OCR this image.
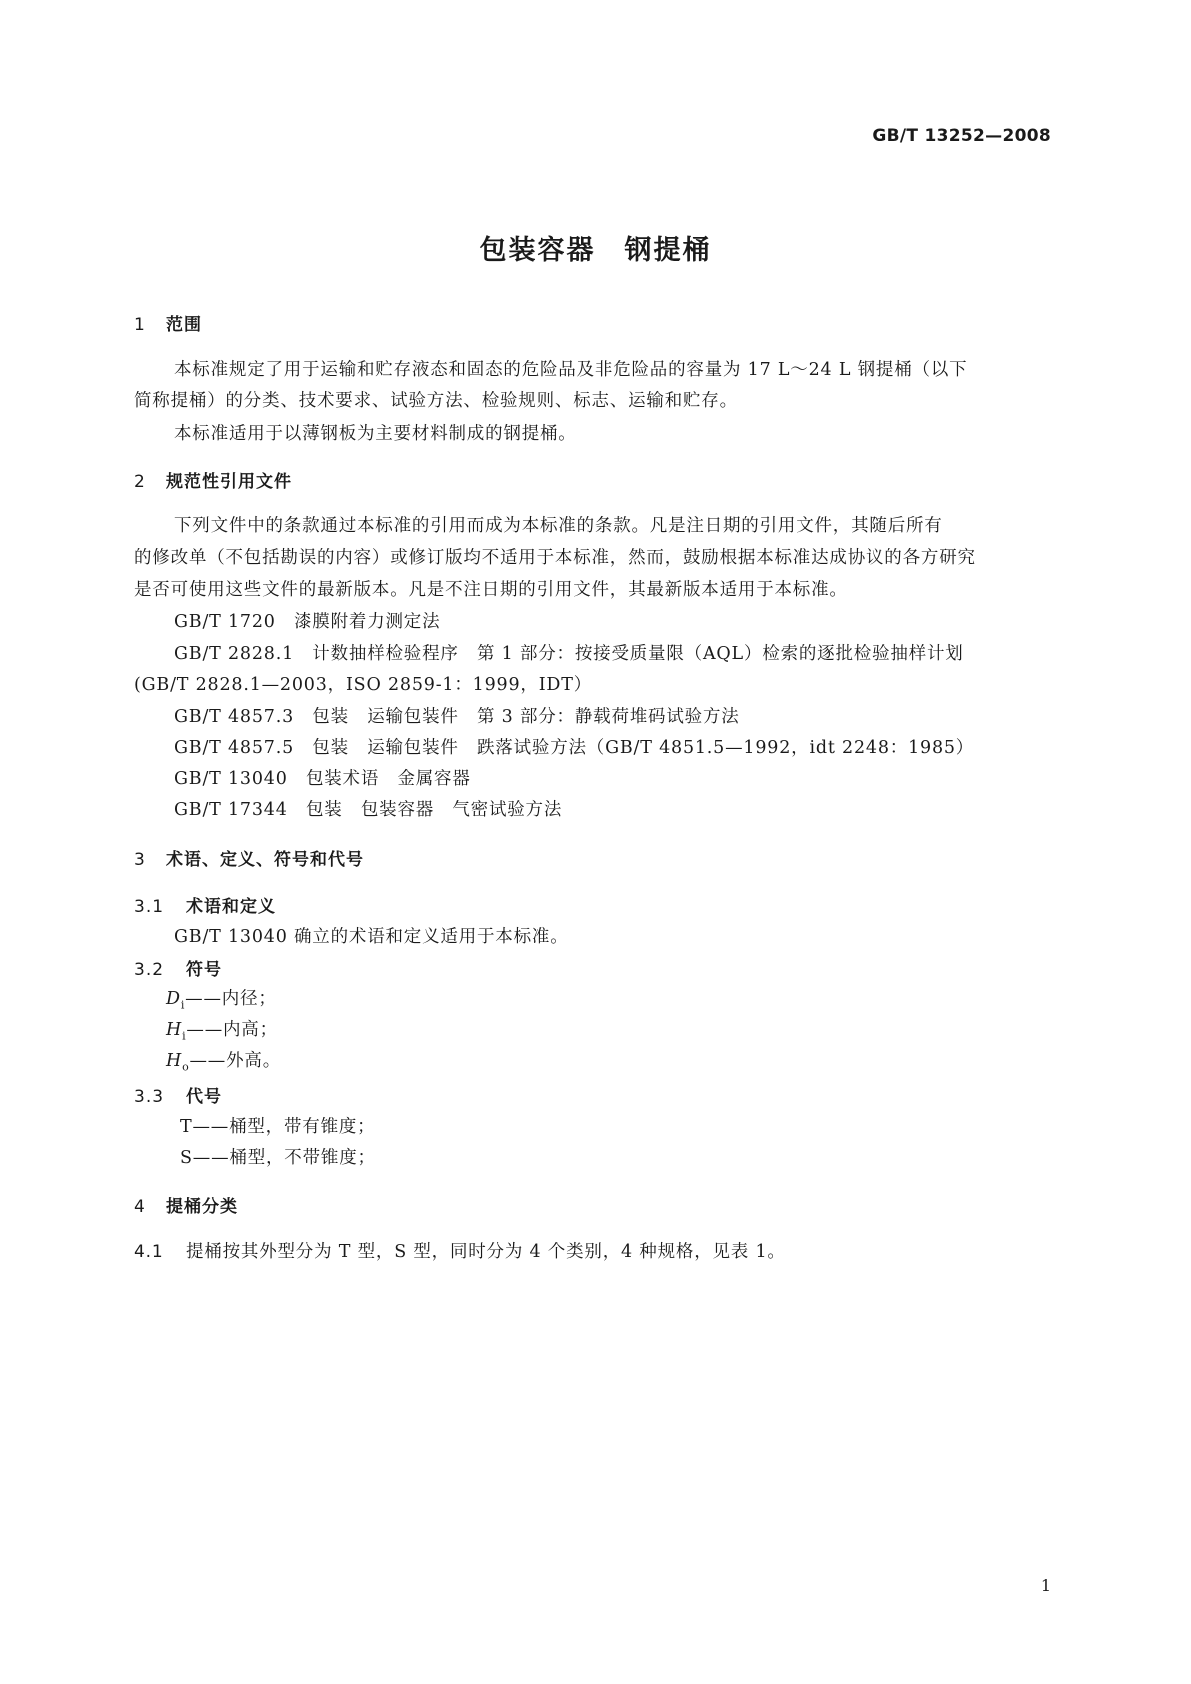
GB/T 13252—2008
包装容器　钢提桶
1 范围
本标准规定了用于运输和贮存液态和固态的危险品及非危险品的容量为 17 L～24 L 钢提桶（以下
简称提桶）的分类、技术要求、试验方法、检验规则、标志、运输和贮存。
本标准适用于以薄钢板为主要材料制成的钢提桶。
2 规范性引用文件
下列文件中的条款通过本标准的引用而成为本标准的条款。凡是注日期的引用文件，其随后所有
的修改单（不包括勘误的内容）或修订版均不适用于本标准，然而，鼓励根据本标准达成协议的各方研究
是否可使用这些文件的最新版本。凡是不注日期的引用文件，其最新版本适用于本标准。
GB/T 1720　漆膜附着力测定法
GB/T 2828.1　计数抽样检验程序　第 1 部分：按接受质量限（AQL）检索的逐批检验抽样计划
(GB/T 2828.1—2003，ISO 2859-1：1999，IDT）
GB/T 4857.3　包装　运输包装件　第 3 部分：静载荷堆码试验方法
GB/T 4857.5　包装　运输包装件　跌落试验方法（GB/T 4851.5—1992，idt 2248：1985）
GB/T 13040　包装术语　金属容器
GB/T 17344　包装　包装容器　气密试验方法
3 术语、定义、符号和代号
3.1 术语和定义
GB/T 13040 确立的术语和定义适用于本标准。
3.2 符号
$D_i——$内径；
$H_i——$内高；
$H_o——$外高。
3.3 代号
T——桶型，带有锥度；
S——桶型，不带锥度；
4 提桶分类
4.1 提桶按其外型分为 T 型，S 型，同时分为 4 个类别，4 种规格，见表 1。
1
